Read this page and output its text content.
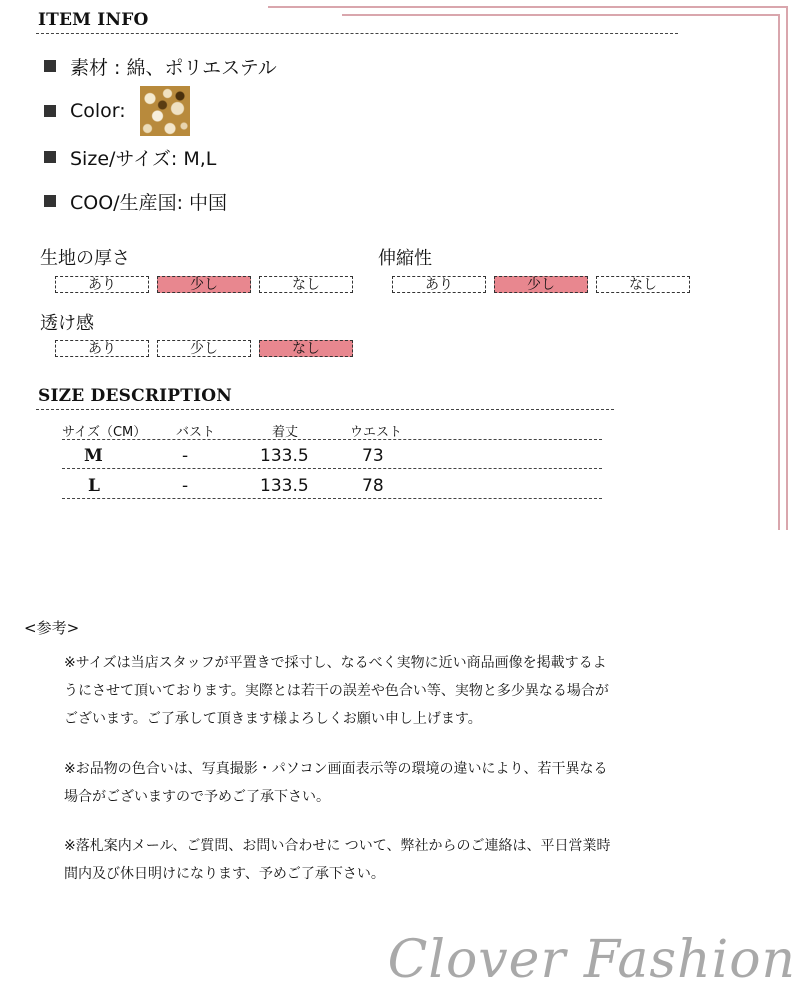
ITEM INFO
素材 : 綿、ポリエステル
Color:
Size/サイズ: M,L
COO/生産国: 中国
生地の厚さ
あり	少し	なし
伸縮性
あり	少し	なし
透け感
あり	少し	なし
SIZE DESCRIPTION
サイズ（CM） バスト	着丈	ウエスト
M	-	133.5	73
L	-	133.5	78
<参考>
※サイズは当店スタッフが平置きで採寸し、なるべく実物に近い商品画像を掲載するよ
うにさせて頂いております。実際とは若干の誤差や色合い等、実物と多少異なる場合が
ございます。ご了承して頂きます様よろしくお願い申し上げます。
※お品物の色合いは、写真撮影・パソコン画面表示等の環境の違いにより、若干異なる
場合がございますので予めご了承下さい。
※落札案内メール、ご質問、お問い合わせに ついて、弊社からのご連絡は、平日営業時
間内及び休日明けになります、予めご了承下さい。
Clover Fashion
